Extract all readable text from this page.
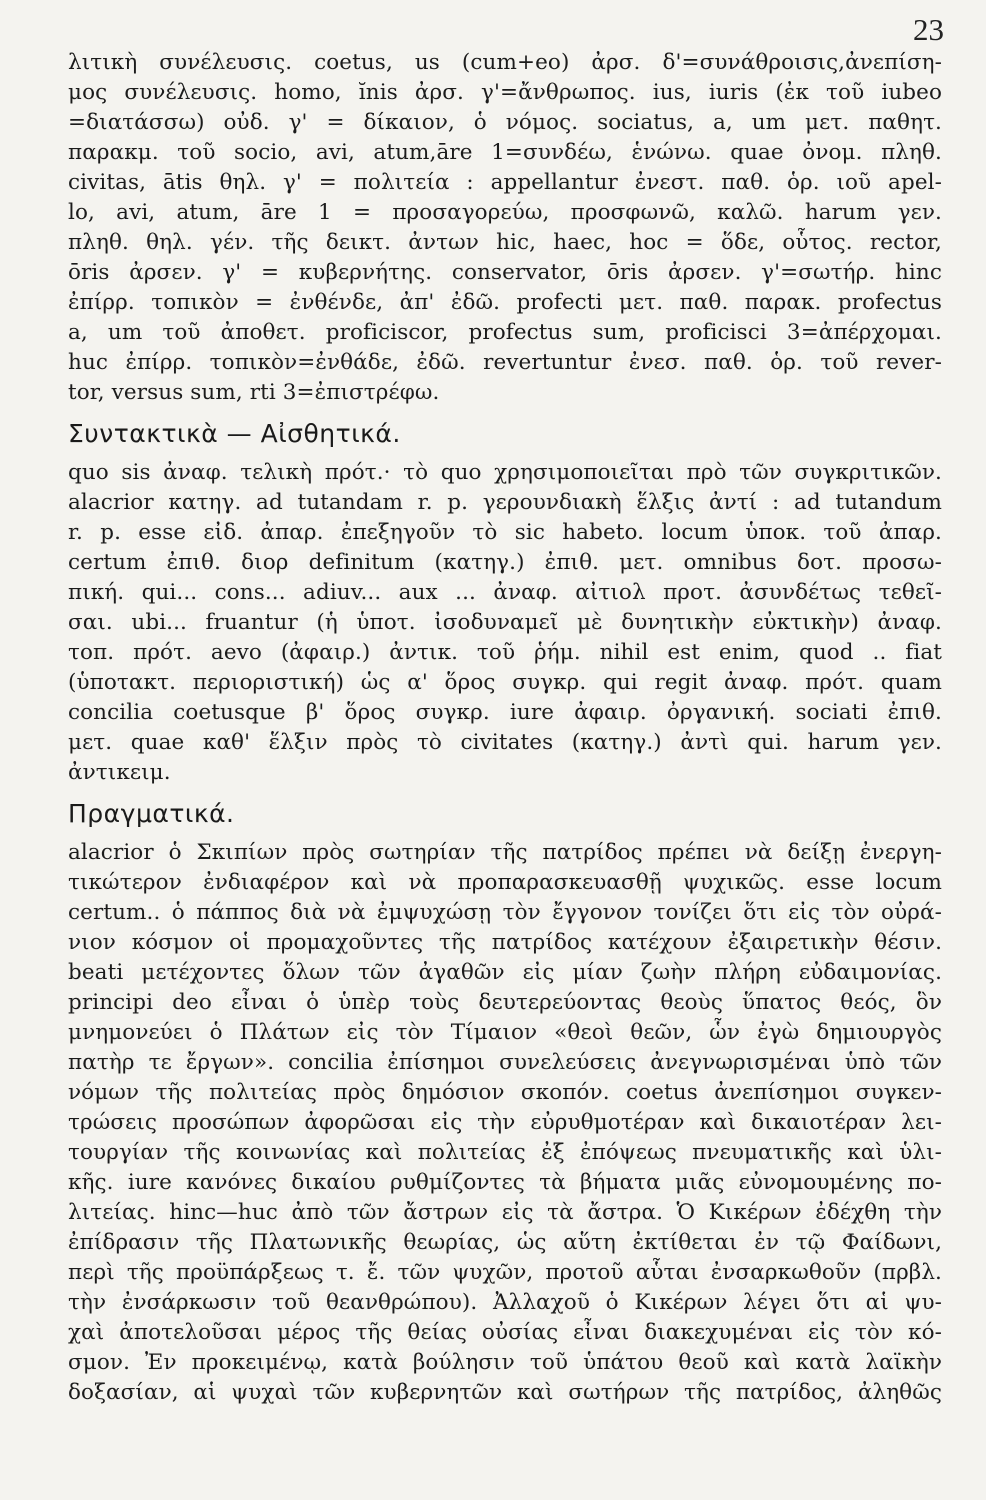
23
λιτικὴ συνέλευσις. coetus, us (cum+eo) ἀρσ. δ'=συνάθροισις,ἀνεπίση-
μος συνέλευσις. homo, ĭnis ἀρσ. γ'=ἄνθρωπος. ius, iuris (ἐκ τοῦ iubeo
=διατάσσω) οὐδ. γ' = δίκαιον, ὁ νόμος. sociatus, a, um μετ. παθητ.
παρακμ. τοῦ socio, avi, atum,āre 1=συνδέω, ἑνώνω. quae ὀνομ. πληθ.
civitas, ātis θηλ. γ' = πολιτεία : appellantur ἐνεστ. παθ. ὁρ. ιοῦ apel-
lo, avi, atum, āre 1 = προσαγορεύω, προσφωνῶ, καλῶ. harum γεν.
πληθ. θηλ. γέν. τῆς δεικτ. ἀντων hic, haec, hoc = ὅδε, οὗτος. rector,
ōris ἀρσεν. γ' = κυβερνήτης. conservator, ōris ἀρσεν. γ'=σωτήρ. hinc
ἐπίρρ. τοπικὸν = ἐνθένδε, ἀπ' ἐδῶ. profecti μετ. παθ. παρακ. profectus
a, um τοῦ ἀποθετ. proficiscor, profectus sum, proficisci 3=ἀπέρχομαι.
huc ἐπίρρ. τοπικὸν=ἐνθάδε, ἐδῶ. revertuntur ἐνεσ. παθ. ὁρ. τοῦ rever-
tor, versus sum, rti 3=ἐπιστρέφω.
Συντακτικὰ — Αἰσθητικά.
quo sis ἀναφ. τελικὴ πρότ.· τὸ quo χρησιμοποιεῖται πρὸ τῶν συγκριτικῶν.
alacrior κατηγ. ad tutandam r. p. γερουνδιακὴ ἕλξις ἀντί : ad tutandum
r. p. esse εἰδ. ἀπαρ. ἐπεξηγοῦν τὸ sic habeto. locum ὑποκ. τοῦ ἀπαρ.
certum ἐπιθ. διορ definitum (κατηγ.) ἐπιθ. μετ. omnibus δοτ. προσω-
πική. qui... cons... adiuv... aux ... ἀναφ. αἰτιολ προτ. ἀσυνδέτως τεθεῖ-
σαι. ubi... fruantur (ἡ ὑποτ. ἰσοδυναμεῖ μὲ δυνητικὴν εὐκτικὴν) ἀναφ.
τοπ. πρότ. aevo (ἀφαιρ.) ἀντικ. τοῦ ῥήμ. nihil est enim, quod .. fiat
(ὑποτακτ. περιοριστική) ὡς α' ὅρος συγκρ. qui regit ἀναφ. πρότ. quam
concilia coetusque β' ὅρος συγκρ. iure ἀφαιρ. ὀργανική. sociati ἐπιθ.
μετ. quae καθ' ἕλξιν πρὸς τὸ civitates (κατηγ.) ἀντὶ qui. harum γεν.
ἀντικειμ.
Πραγματικά.
alacrior ὁ Σκιπίων πρὸς σωτηρίαν τῆς πατρίδος πρέπει νὰ δείξῃ ἐνεργη-
τικώτερον ἐνδιαφέρον καὶ νὰ προπαρασκευασθῇ ψυχικῶς. esse locum
certum.. ὁ πάππος διὰ νὰ ἐμψυχώσῃ τὸν ἔγγονον τονίζει ὅτι εἰς τὸν οὐρά-
νιον κόσμον οἱ προμαχοῦντες τῆς πατρίδος κατέχουν ἐξαιρετικὴν θέσιν.
beati μετέχοντες ὅλων τῶν ἀγαθῶν εἰς μίαν ζωὴν πλήρη εὐδαιμονίας.
principi deo εἶναι ὁ ὑπὲρ τοὺς δευτερεύοντας θεοὺς ὕπατος θεός, ὃν
μνημονεύει ὁ Πλάτων εἰς τὸν Τίμαιον «θεοὶ θεῶν, ὧν ἐγὼ δημιουργὸς
πατὴρ τε ἔργων». concilia ἐπίσημοι συνελεύσεις ἀνεγνωρισμέναι ὑπὸ τῶν
νόμων τῆς πολιτείας πρὸς δημόσιον σκοπόν. coetus ἀνεπίσημοι συγκεν-
τρώσεις προσώπων ἀφορῶσαι εἰς τὴν εὐρυθμοτέραν καὶ δικαιοτέραν λει-
τουργίαν τῆς κοινωνίας καὶ πολιτείας ἐξ ἐπόψεως πνευματικῆς καὶ ὑλι-
κῆς. iure κανόνες δικαίου ρυθμίζοντες τὰ βήματα μιᾶς εὐνομουμένης πο-
λιτείας. hinc—huc ἀπὸ τῶν ἄστρων εἰς τὰ ἄστρα. Ὁ Κικέρων ἐδέχθη τὴν
ἐπίδρασιν τῆς Πλατωνικῆς θεωρίας, ὡς αὕτη ἐκτίθεται ἐν τῷ Φαίδωνι,
περὶ τῆς προϋπάρξεως τ. ἔ. τῶν ψυχῶν, προτοῦ αὗται ἐνσαρκωθοῦν (πρβλ.
τὴν ἐνσάρκωσιν τοῦ θεανθρώπου). Ἀλλαχοῦ ὁ Κικέρων λέγει ὅτι αἱ ψυ-
χαὶ ἀποτελοῦσαι μέρος τῆς θείας οὐσίας εἶναι διακεχυμέναι εἰς τὸν κό-
σμον. Ἐν προκειμένῳ, κατὰ βούλησιν τοῦ ὑπάτου θεοῦ καὶ κατὰ λαϊκὴν
δοξασίαν, αἱ ψυχαὶ τῶν κυβερνητῶν καὶ σωτήρων τῆς πατρίδος, ἀληθῶς
